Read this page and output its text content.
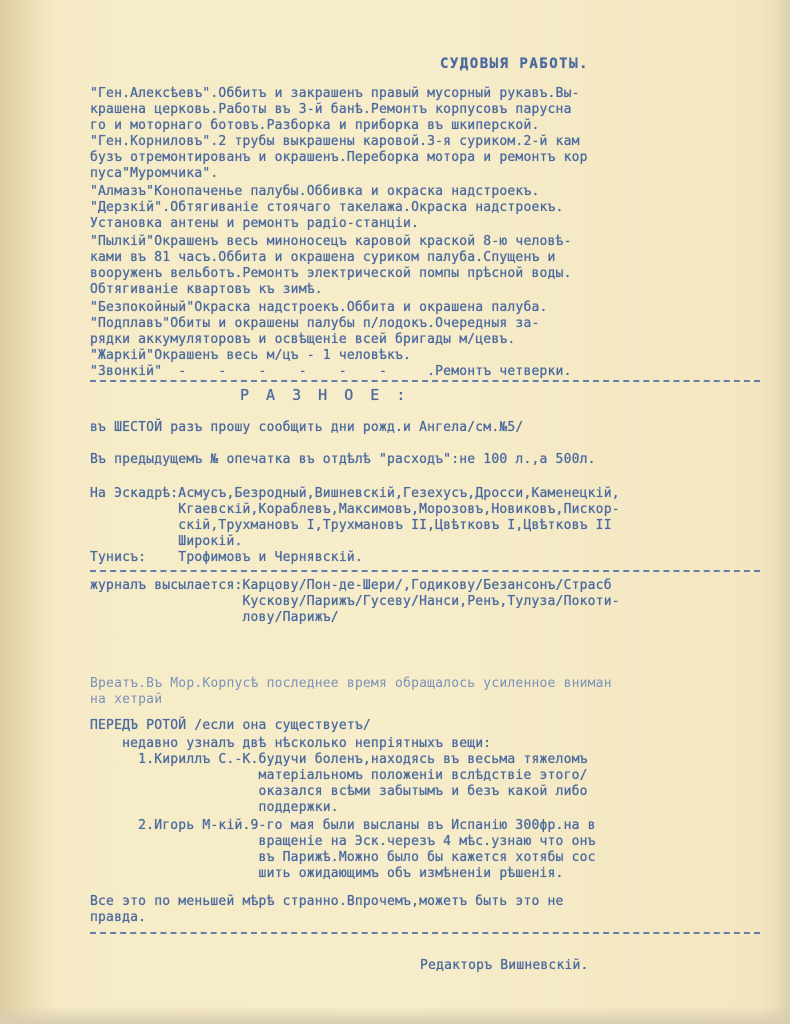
СУДОВЫЯ РАБОТЫ.
"Ген.Алексѣевъ".Оббитъ и закрашенъ правый мусорный рукавъ.Вы-
крашена церковь.Работы въ 3-й банѣ.Ремонтъ корпусовъ парусна
го и моторнаго ботовъ.Разборка и приборка въ шкиперской.
"Ген.Корниловъ".2 трубы выкрашены каровой.3-я суриком.2-й кам
бузъ отремонтированъ и окрашенъ.Переборка мотора и ремонтъ кор
пуса"Муромчика".
"Алмазъ"Конопаченье палубы.Оббивка и окраска надстроекъ.
"Дерзкiй".Обтягиванiе стоячаго такелажа.Окраска надстроекъ.
Установка антены и ремонтъ радiо-станцiи.
"Пылкiй"Окрашенъ весь миноносецъ каровой краской 8-ю человѣ-
ками въ 81 часъ.Оббита и окрашена суриком палуба.Спущенъ и
вооруженъ вельботъ.Ремонтъ электрической помпы прѣсной воды.
Обтягиванiе квартовъ къ зимѣ.
"Безпокойный"Окраска надстроекъ.Оббита и окрашена палуба.
"Подплавъ"Обиты и окрашены палубы п/лодокъ.Очередныя за-
рядки аккумуляторовъ и освѣщенiе всей бригады м/цевъ.
"Жаркiй"Окрашенъ весь м/цъ - 1 человѣкъ.
"Звонкiй"  -    -    -    -    -    -     .Ремонтъ четверки.
Р А З Н О Е :
въ ШЕСТОЙ разъ прошу сообщить дни рожд.и Ангела/см.№5/
Въ предыдущемъ № опечатка въ отдѣлѣ "расходъ":не 100 л.,а 500л.
На Эскадрѣ:Асмусъ,Безродный,Вишневскiй,Гезехусъ,Дросси,Каменецкiй,
Кгаевскiй,Кораблевъ,Максимовъ,Морозовъ,Новиковъ,Пискор-
скiй,Трухмановъ I,Трухмановъ II,Цвѣтковъ I,Цвѣтковъ II
Широкiй.
Тунисъ:    Трофимовъ и Чернявскiй.
журналъ высылается:Карцову/Пон-де-Шери/,Годикову/Безансонъ/Страсб
Кускову/Парижъ/Гусеву/Нанси,Ренъ,Тулуза/Покоти-
лову/Парижъ/
Вреатъ.Въ Мор.Корпусѣ последнее время обращалось усиленное вниман
на хетрай
ПЕРЕДЪ РОТОЙ /если она существуетъ/
недавно узналъ двѣ нѣсколько непрiятныхъ вещи:
1.Кириллъ С.-К.будучи боленъ,находясь въ весьма тяжеломъ
матерiальномъ положенiи вслѣдствiе этого/
оказался всѣми забытымъ и безъ какой либо
поддержки.
2.Игорь М-кiй.9-го мая были высланы въ Испанiю 300фр.на в
вращенiе на Эск.черезъ 4 мѣс.узнаю что онъ
въ Парижѣ.Можно было бы кажется хотябы сос
шить ожидающимъ объ измѣненiи рѣшенiя.
Все это по меньшей мѣрѣ странно.Впрочемъ,можетъ быть это не
правда.
Редакторъ Вишневскiй.
